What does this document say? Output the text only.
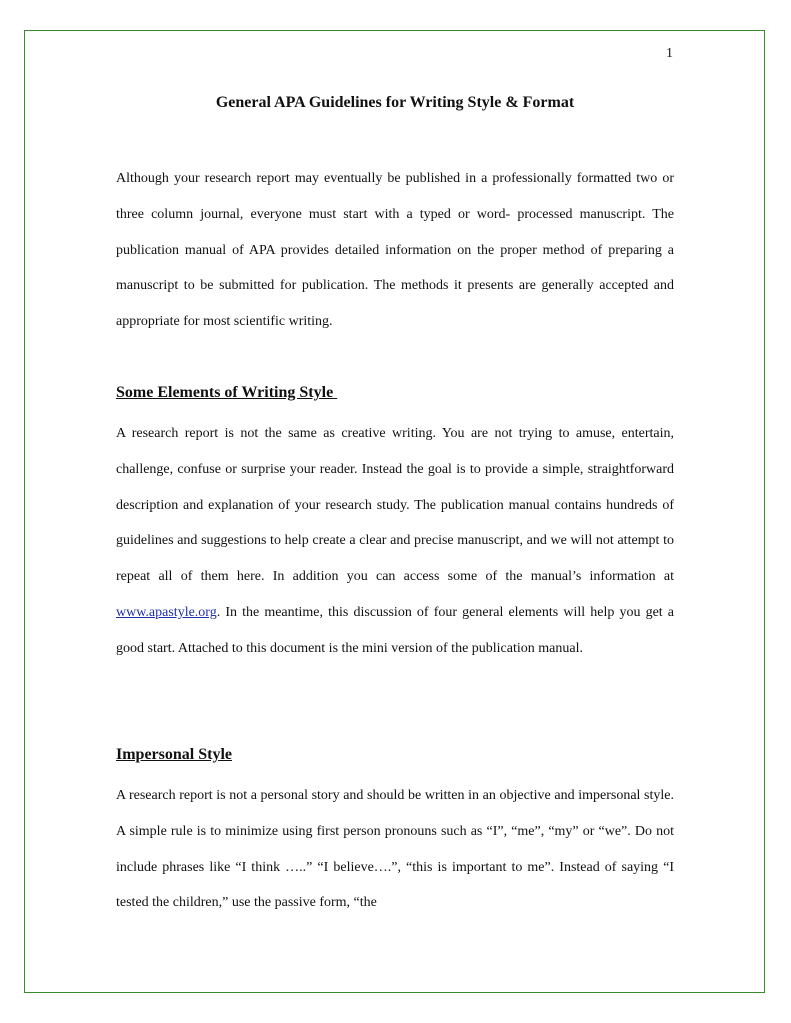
1
General APA Guidelines for Writing Style & Format

Although your research report may eventually be published in a professionally formatted two or three column journal, everyone must start with a typed or word- processed manuscript. The publication manual of APA provides detailed information on the proper method of preparing a manuscript to be submitted for publication. The methods it presents are generally accepted and appropriate for most scientific writing.

Some Elements of Writing Style

A research report is not the same as creative writing. You are not trying to amuse, entertain, challenge, confuse or surprise your reader. Instead the goal is to provide a simple, straightforward description and explanation of your research study. The publication manual contains hundreds of guidelines and suggestions to help create a clear and precise manuscript, and we will not attempt to repeat all of them here. In addition you can access some of the manual’s information at www.apastyle.org. In the meantime, this discussion of four general elements will help you get a good start. Attached to this document is the mini version of the publication manual.

Impersonal Style

A research report is not a personal story and should be written in an objective and impersonal style. A simple rule is to minimize using first person pronouns such as “I”, “me”, “my” or “we”. Do not include phrases like “I think …..” “I believe….”, “this is important to me”. Instead of saying “I tested the children,” use the passive form, “the
